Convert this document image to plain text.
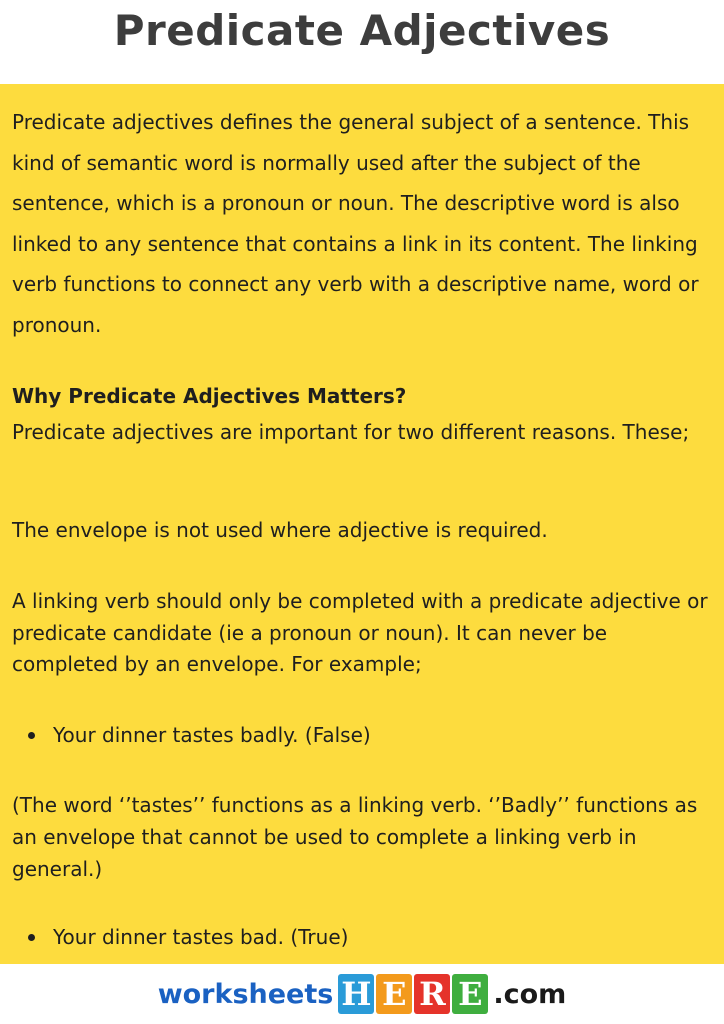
Predicate Adjectives

Predicate adjectives defines the general subject of a sentence. This kind of semantic word is normally used after the subject of the sentence, which is a pronoun or noun. The descriptive word is also linked to any sentence that contains a link in its content. The linking verb functions to connect any verb with a descriptive name, word or pronoun.

Why Predicate Adjectives Matters?

Predicate adjectives are important for two different reasons. These;

The envelope is not used where adjective is required.

A linking verb should only be completed with a predicate adjective or predicate candidate (ie a pronoun or noun). It can never be completed by an envelope. For example;

Your dinner tastes badly. (False)

(The word ‘’tastes’’ functions as a linking verb. ‘’Badly’’ functions as an envelope that cannot be used to complete a linking verb in general.)

Your dinner tastes bad. (True)
worksheets H E R E .com
